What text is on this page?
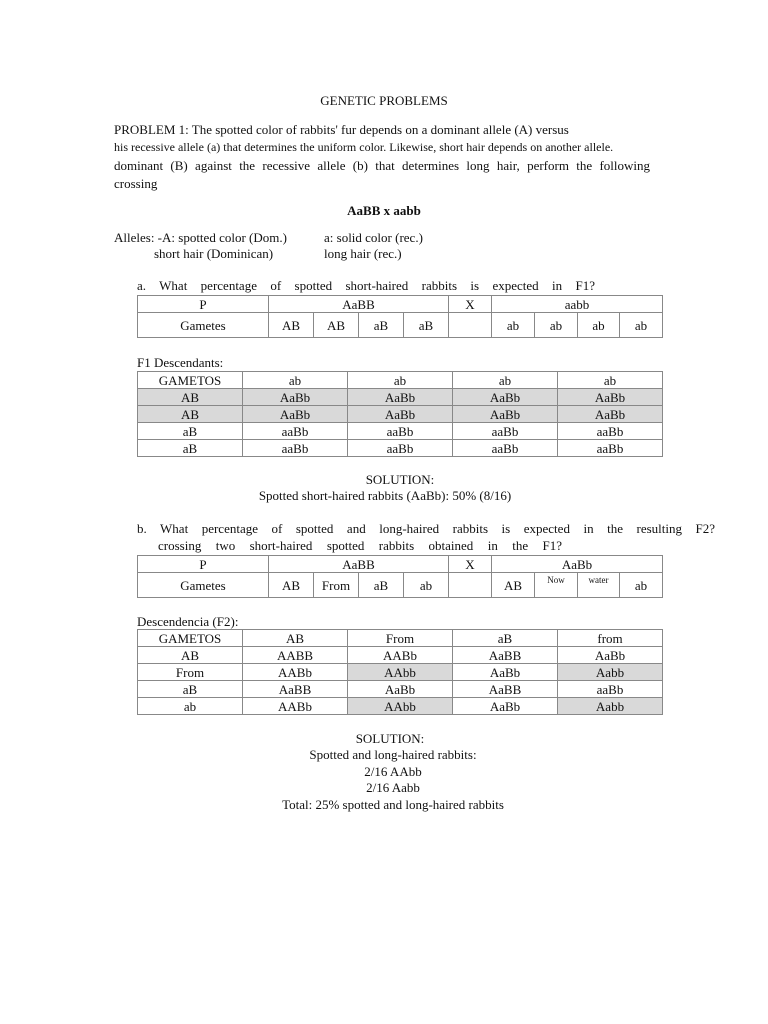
GENETIC PROBLEMS
PROBLEM 1: The spotted color of rabbits' fur depends on a dominant allele (A) versus
his recessive allele (a) that determines the uniform color. Likewise, short hair depends on another allele.
dominant (B) against the recessive allele (b) that determines long hair, perform the following
crossing
AaBB x aabb
Alleles: -A: spotted color (Dom.)	a: solid color (rec.)
short hair (Dominican)	long hair (rec.)
a. What percentage of spotted short-haired rabbits is expected in F1?
P	AaBB				X	aabb			
Gametes	AB	AB	aB	aB		ab	ab	ab	ab
F1 Descendants:
GAMETOS	ab	ab	ab	ab
AB	AaBb	AaBb	AaBb	AaBb
AB	AaBb	AaBb	AaBb	AaBb
aB	aaBb	aaBb	aaBb	aaBb
aB	aaBb	aaBb	aaBb	aaBb
SOLUTION:
Spotted short-haired rabbits (AaBb): 50% (8/16)
b. What percentage of spotted and long-haired rabbits is expected in the resulting F2?
crossing two short-haired spotted rabbits obtained in the F1?
P	AaBB				X	AaBb			
Gametes	AB	From	aB	ab		AB	Now	water	ab
Descendencia (F2):
GAMETOS	AB	From	aB	from
AB	AABB	AABb	AaBB	AaBb
From	AABb	AAbb	AaBb	Aabb
aB	AaBB	AaBb	AaBB	aaBb
ab	AABb	AAbb	AaBb	Aabb
SOLUTION:
Spotted and long-haired rabbits:
2/16 AAbb
2/16 Aabb
Total: 25% spotted and long-haired rabbits
